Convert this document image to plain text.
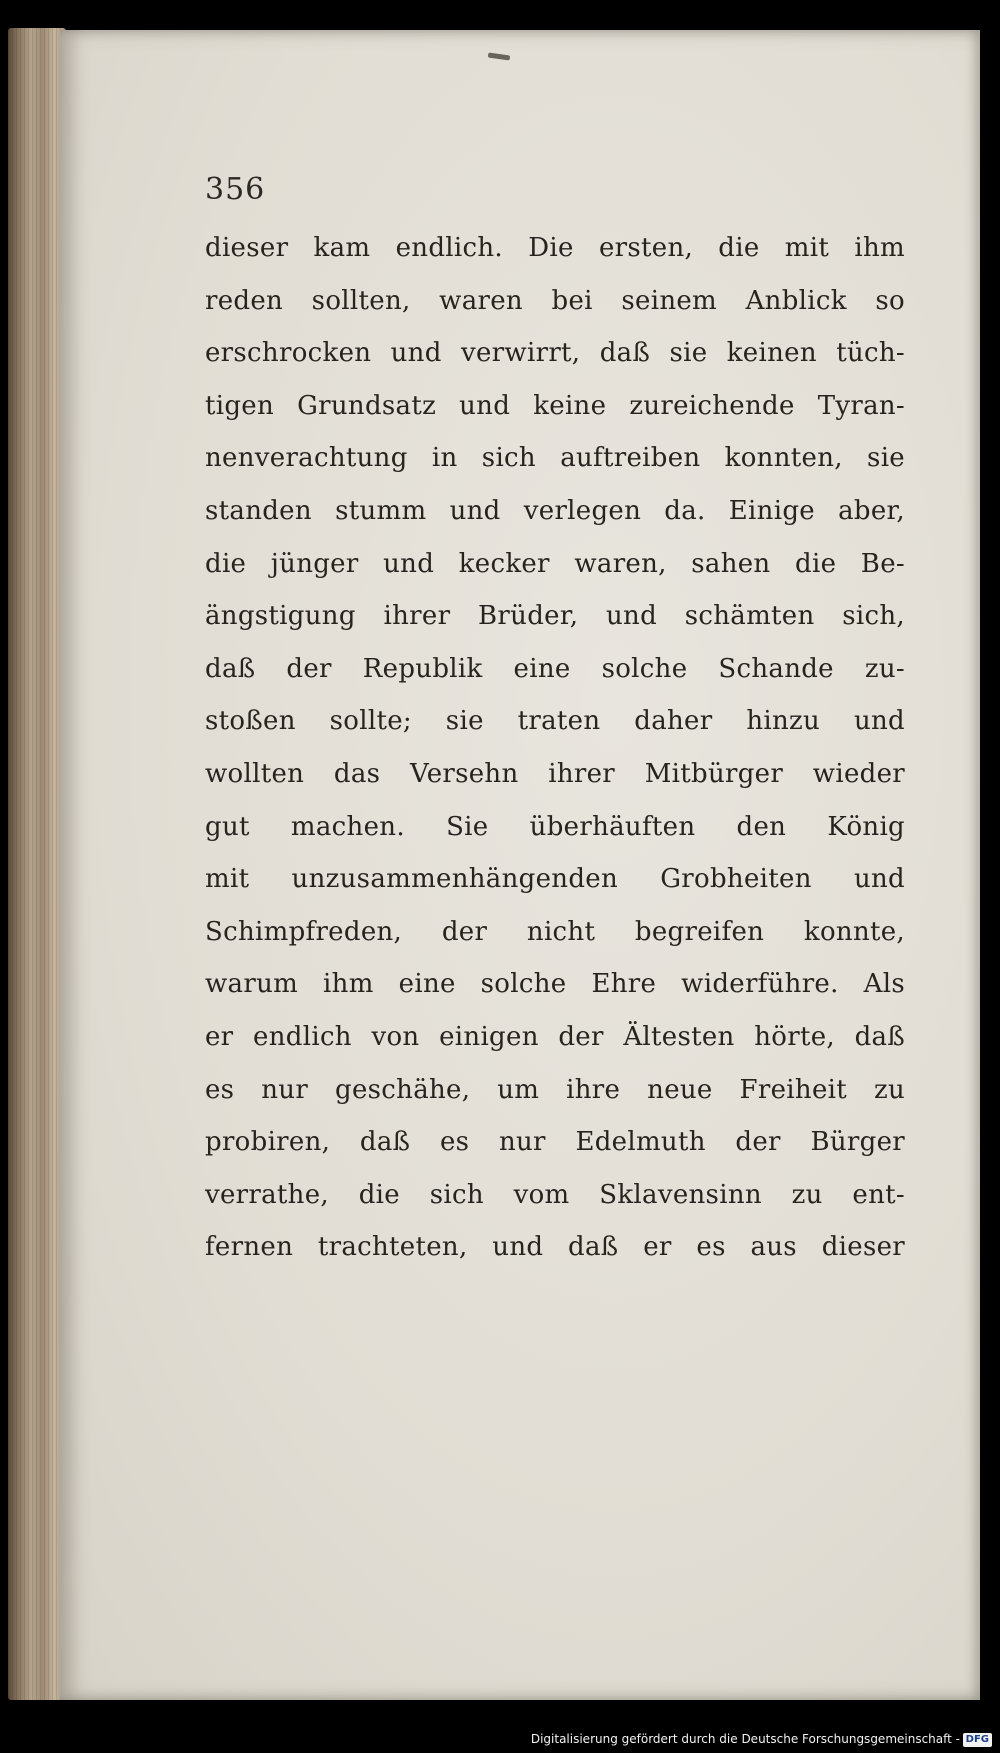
356
dieser kam endlich. Die ersten, die mit ihm
reden sollten, waren bei seinem Anblick so
erschrocken und verwirrt, daß sie keinen tüch-
tigen Grundsatz und keine zureichende Tyran-
nenverachtung in sich auftreiben konnten, sie
standen stumm und verlegen da. Einige aber,
die jünger und kecker waren, sahen die Be-
ängstigung ihrer Brüder, und schämten sich,
daß der Republik eine solche Schande zu-
stoßen sollte; sie traten daher hinzu und
wollten das Versehn ihrer Mitbürger wieder
gut machen. Sie überhäuften den König
mit unzusammenhängenden Grobheiten und
Schimpfreden, der nicht begreifen konnte,
warum ihm eine solche Ehre widerführe. Als
er endlich von einigen der Ältesten hörte, daß
es nur geschähe, um ihre neue Freiheit zu
probiren, daß es nur Edelmuth der Bürger
verrathe, die sich vom Sklavensinn zu ent-
fernen trachteten, und daß er es aus dieser
Digitalisierung gefördert durch die Deutsche Forschungsgemeinschaft - DFG
